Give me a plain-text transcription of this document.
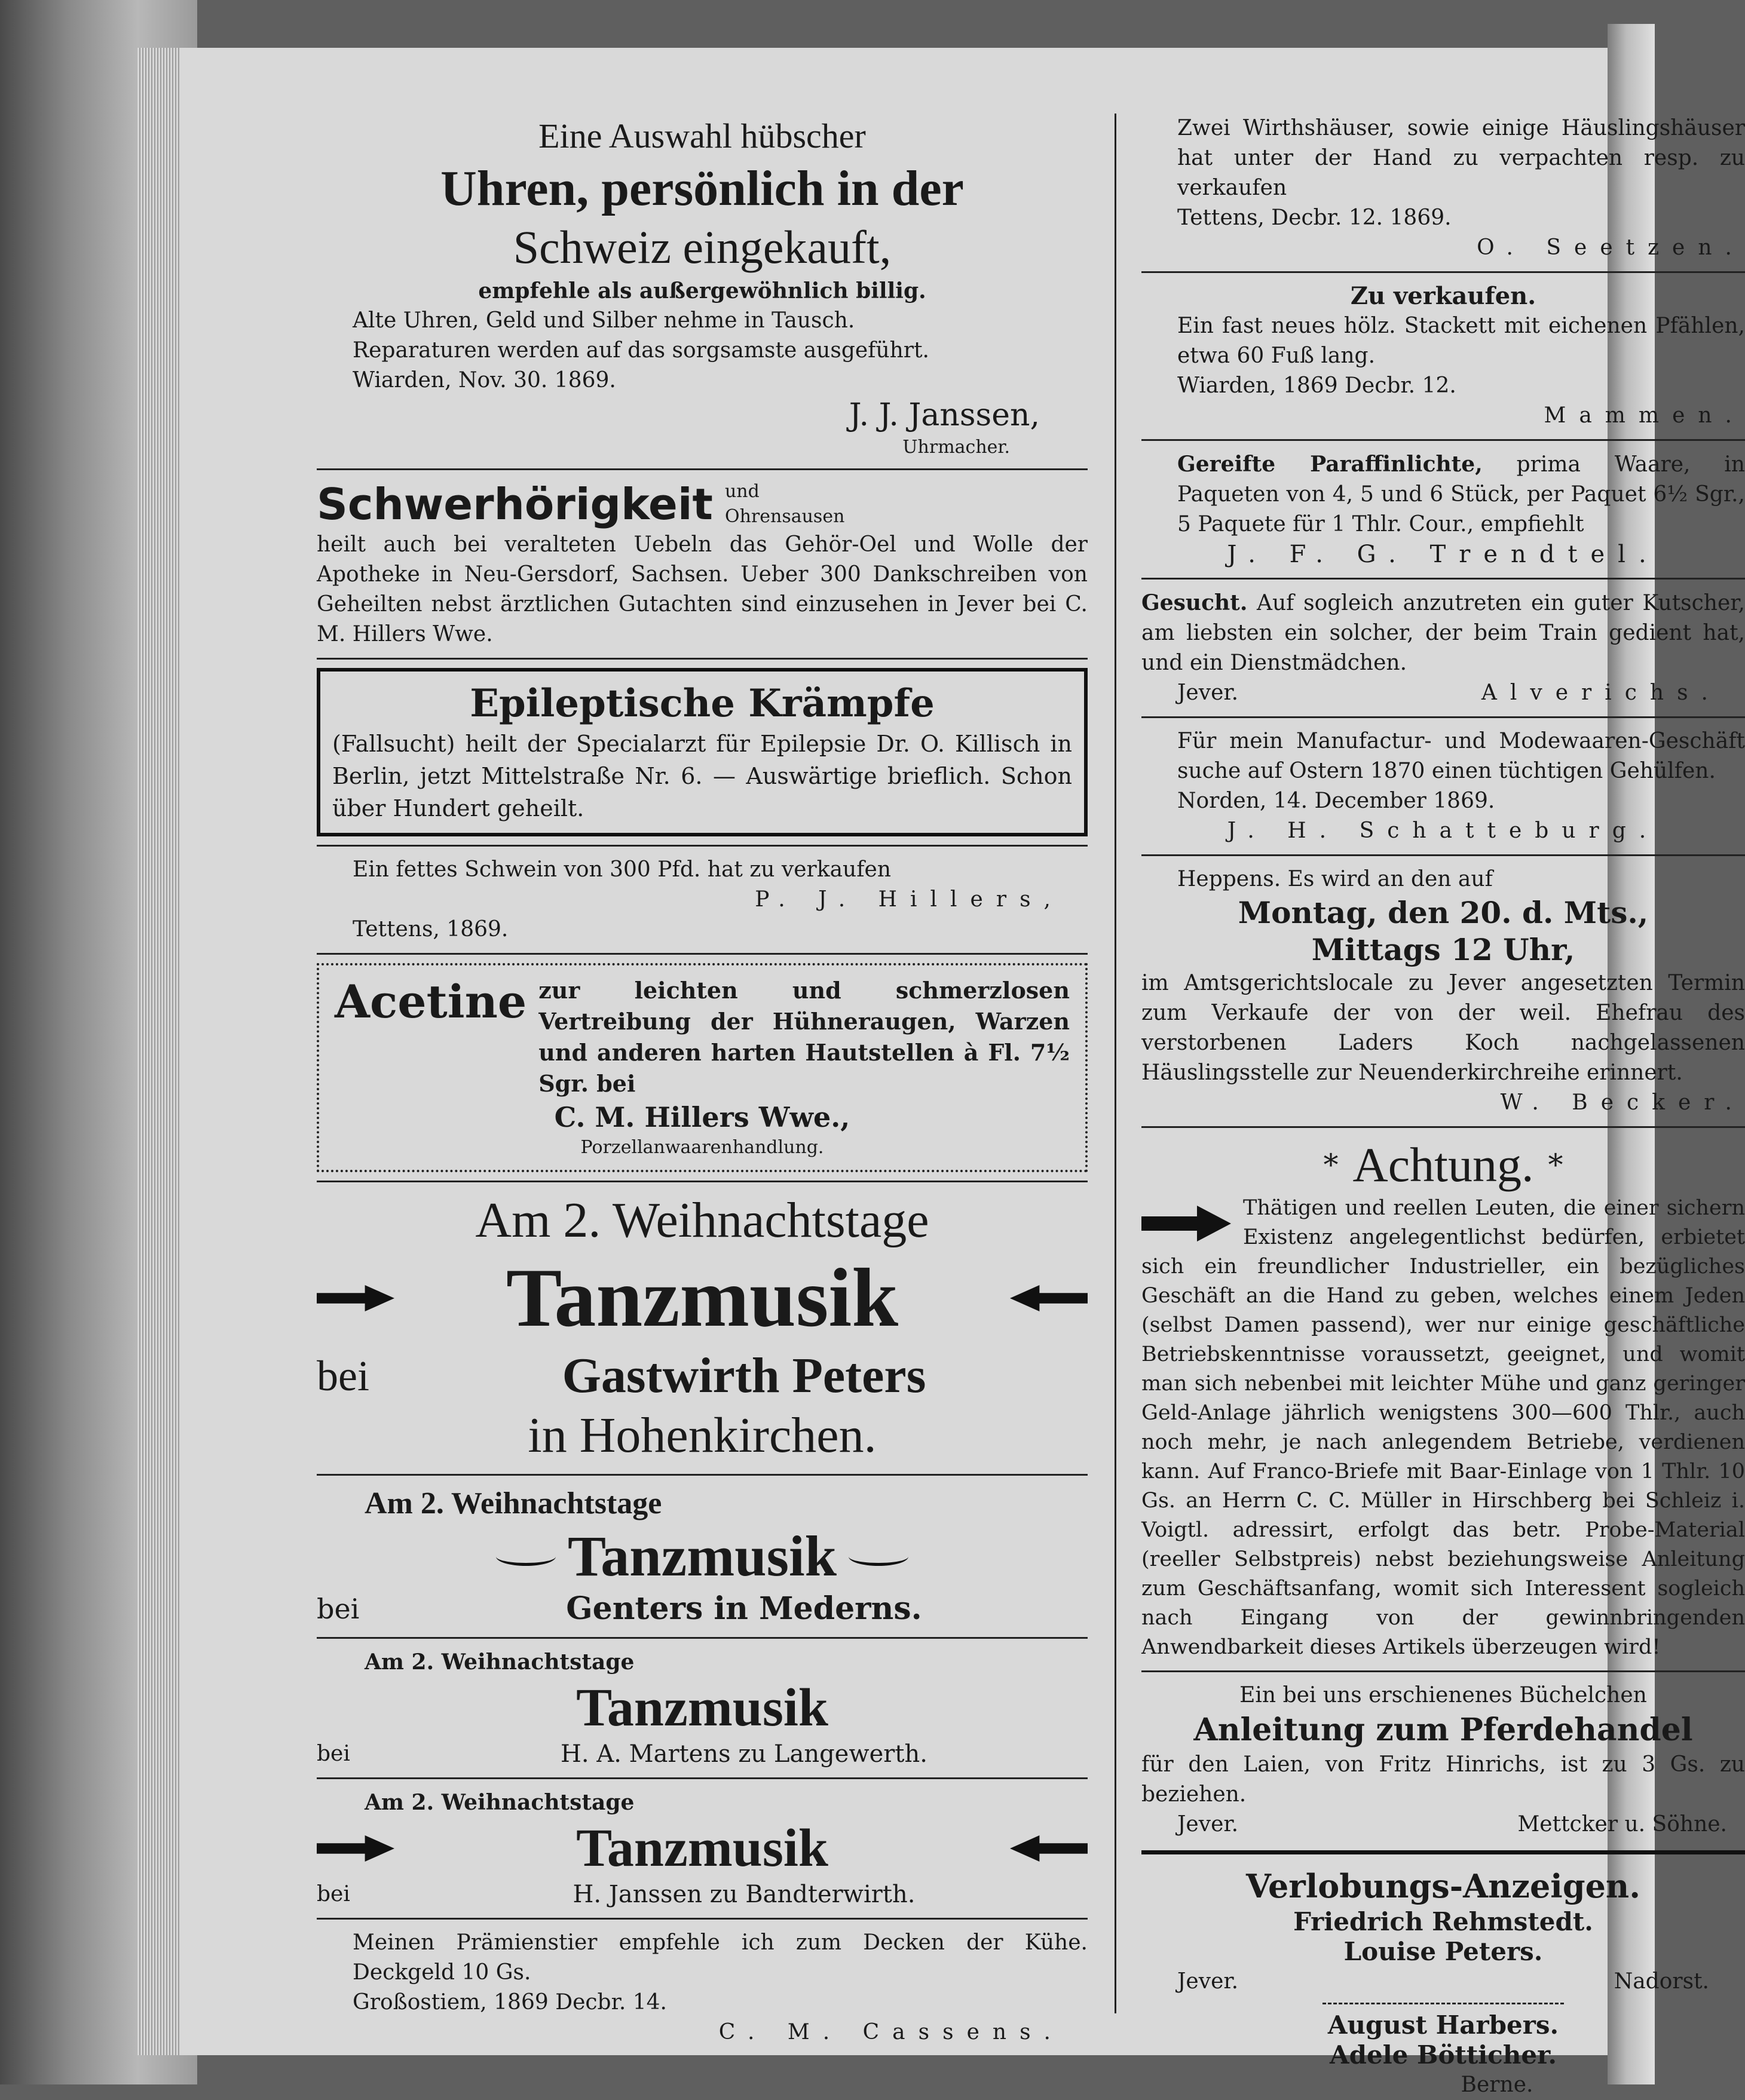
Eine Auswahl hübscher

Uhren, persönlich in der

Schweiz eingekauft,

empfehle als außergewöhnlich billig.

Alte Uhren, Geld und Silber nehme in Tausch.

Reparaturen werden auf das sorgsamste ausgeführt.

Wiarden, Nov. 30. 1869.

J. J. Janssen,

Uhrmacher.

Schwerhörigkeit und Ohrensausen

heilt auch bei veralteten Uebeln das Gehör-Oel und Wolle der Apotheke in Neu-Gersdorf, Sachsen. Ueber 300 Dankschreiben von Geheilten nebst ärztlichen Gutachten sind einzusehen in Jever bei C. M. Hillers Wwe.

Epileptische Krämpfe

(Fallsucht) heilt der Specialarzt für Epilepsie Dr. O. Killisch in Berlin, jetzt Mittelstraße Nr. 6. — Auswärtige brieflich. Schon über Hundert geheilt.

Ein fettes Schwein von 300 Pfd. hat zu verkaufen

P. J. Hillers,

Tettens, 1869.

Acetine zur leichten und schmerzlosen Vertreibung der Hühneraugen, Warzen und anderen harten Hautstellen à Fl. 7½ Sgr. bei

C. M. Hillers Wwe.,

Porzellanwaarenhandlung.

Am 2. Weihnachtstage

Tanzmusik

bei	Gastwirth Peters

in Hohenkirchen.

Am 2. Weihnachtstage

Tanzmusik

bei	Genters in Mederns.

Am 2. Weihnachtstage

Tanzmusik

bei	H. A. Martens zu Langewerth.

Am 2. Weihnachtstage

Tanzmusik

bei	H. Janssen zu Bandterwirth.

Meinen Prämienstier empfehle ich zum Decken der Kühe. Deckgeld 10 Gs.

Großostiem, 1869 Decbr. 14.

C. M. Cassens.

Zwei Wirthshäuser, sowie einige Häuslingshäuser hat unter der Hand zu verpachten resp. zu verkaufen

Tettens, Decbr. 12. 1869.

O. Seetzen.

Zu verkaufen.

Ein fast neues hölz. Stackett mit eichenen Pfählen, etwa 60 Fuß lang.

Wiarden, 1869 Decbr. 12.

Mammen.

Gereifte Paraffinlichte, prima Waare, in Paqueten von 4, 5 und 6 Stück, per Paquet 6½ Sgr., 5 Paquete für 1 Thlr. Cour., empfiehlt

J. F. G. Trendtel.

Gesucht. Auf sogleich anzutreten ein guter Kutscher, am liebsten ein solcher, der beim Train gedient hat, und ein Dienstmädchen.

Jever.	Alverichs.

Für mein Manufactur- und Modewaaren-Geschäft suche auf Ostern 1870 einen tüchtigen Gehülfen.

Norden, 14. December 1869.

J. H. Schatteburg.

Heppens. Es wird an den auf

Montag, den 20. d. Mts.,

Mittags 12 Uhr,

im Amtsgerichtslocale zu Jever angesetzten Termin zum Verkaufe der von der weil. Ehefrau des verstorbenen Laders Koch nachgelassenen Häuslingsstelle zur Neuenderkirchreihe erinnert.

W. Becker.

* Achtung. *

Thätigen und reellen Leuten, die einer sichern Existenz angelegentlichst bedürfen, erbietet sich ein freundlicher Industrieller, ein bezügliches Geschäft an die Hand zu geben, welches einem Jeden (selbst Damen passend), wer nur einige geschäftliche Betriebskenntnisse voraussetzt, geeignet, und womit man sich nebenbei mit leichter Mühe und ganz geringer Geld-Anlage jährlich wenigstens 300—600 Thlr., auch noch mehr, je nach anlegendem Betriebe, verdienen kann. Auf Franco-Briefe mit Baar-Einlage von 1 Thlr. 10 Gs. an Herrn C. C. Müller in Hirschberg bei Schleiz i. Voigtl. adressirt, erfolgt das betr. Probe-Material (reeller Selbstpreis) nebst beziehungsweise Anleitung zum Geschäftsanfang, womit sich Interessent sogleich nach Eingang von der gewinnbringenden Anwendbarkeit dieses Artikels überzeugen wird!

Ein bei uns erschienenes Büchelchen

Anleitung zum Pferdehandel

für den Laien, von Fritz Hinrichs, ist zu 3 Gs. zu beziehen.

Jever.	Mettcker u. Söhne.

Verlobungs-Anzeigen.

Friedrich Rehmstedt.

Louise Peters.

Jever.	Nadorst.

August Harbers.

Adele Bötticher.

Berne.
